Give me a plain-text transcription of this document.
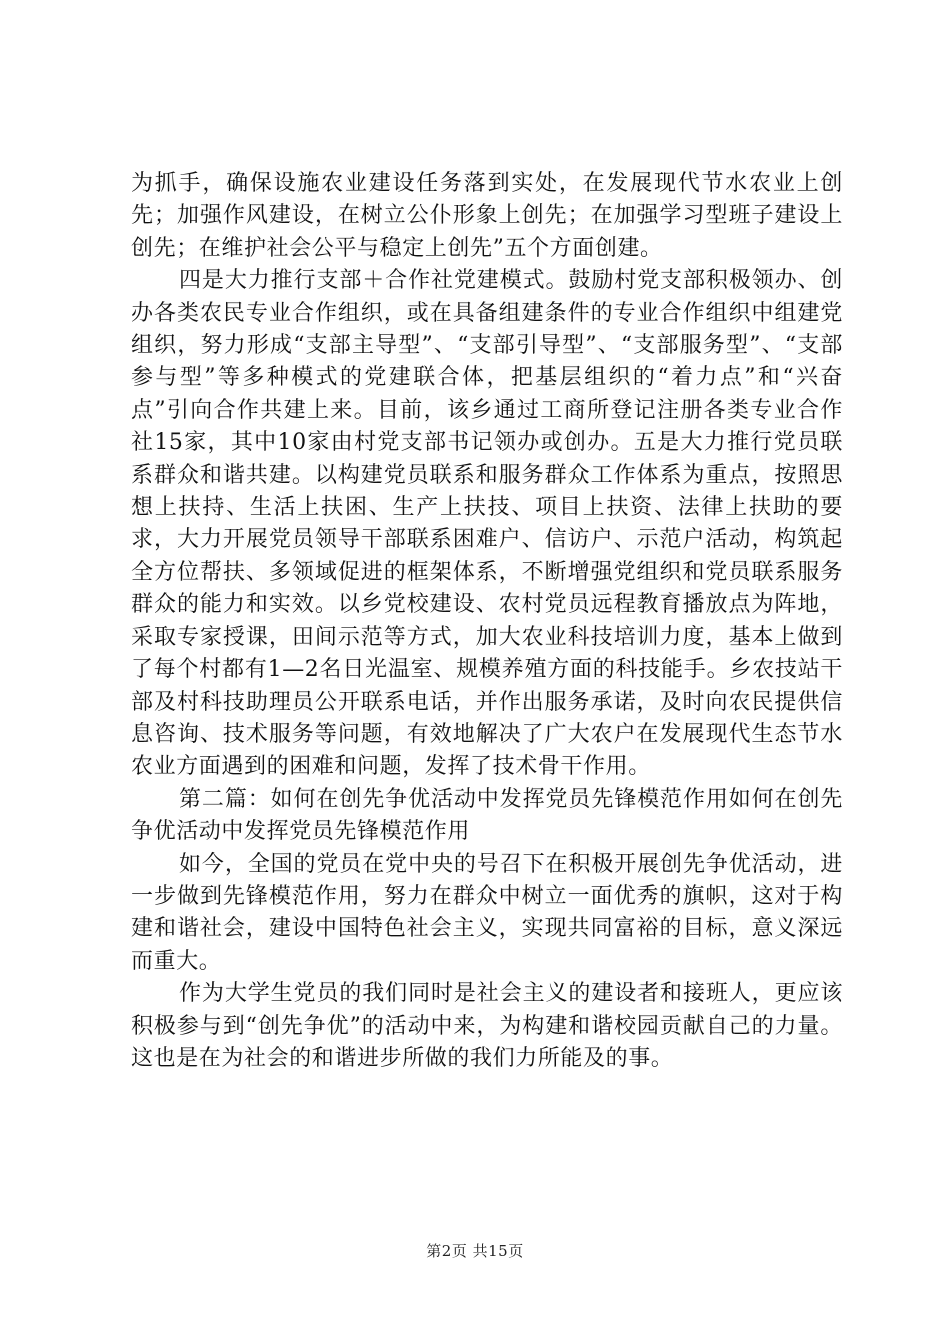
为抓手，确保设施农业建设任务落到实处，在发展现代节水农业上创先；加强作风建设，在树立公仆形象上创先；在加强学习型班子建设上创先；在维护社会公平与稳定上创先”五个方面创建。

四是大力推行支部＋合作社党建模式。鼓励村党支部积极领办、创办各类农民专业合作组织，或在具备组建条件的专业合作组织中组建党组织，努力形成“支部主导型”、“支部引导型”、“支部服务型”、“支部参与型”等多种模式的党建联合体，把基层组织的“着力点”和“兴奋点”引向合作共建上来。目前，该乡通过工商所登记注册各类专业合作社15家，其中10家由村党支部书记领办或创办。五是大力推行党员联系群众和谐共建。以构建党员联系和服务群众工作体系为重点，按照思想上扶持、生活上扶困、生产上扶技、项目上扶资、法律上扶助的要求，大力开展党员领导干部联系困难户、信访户、示范户活动，构筑起全方位帮扶、多领域促进的框架体系，不断增强党组织和党员联系服务群众的能力和实效。以乡党校建设、农村党员远程教育播放点为阵地，采取专家授课，田间示范等方式，加大农业科技培训力度，基本上做到了每个村都有1—2名日光温室、规模养殖方面的科技能手。乡农技站干部及村科技助理员公开联系电话，并作出服务承诺，及时向农民提供信息咨询、技术服务等问题，有效地解决了广大农户在发展现代生态节水农业方面遇到的困难和问题，发挥了技术骨干作用。

第二篇：如何在创先争优活动中发挥党员先锋模范作用如何在创先争优活动中发挥党员先锋模范作用

如今，全国的党员在党中央的号召下在积极开展创先争优活动，进一步做到先锋模范作用，努力在群众中树立一面优秀的旗帜，这对于构建和谐社会，建设中国特色社会主义，实现共同富裕的目标，意义深远而重大。

作为大学生党员的我们同时是社会主义的建设者和接班人，更应该积极参与到“创先争优”的活动中来，为构建和谐校园贡献自己的力量。这也是在为社会的和谐进步所做的我们力所能及的事。

第2页 共15页
